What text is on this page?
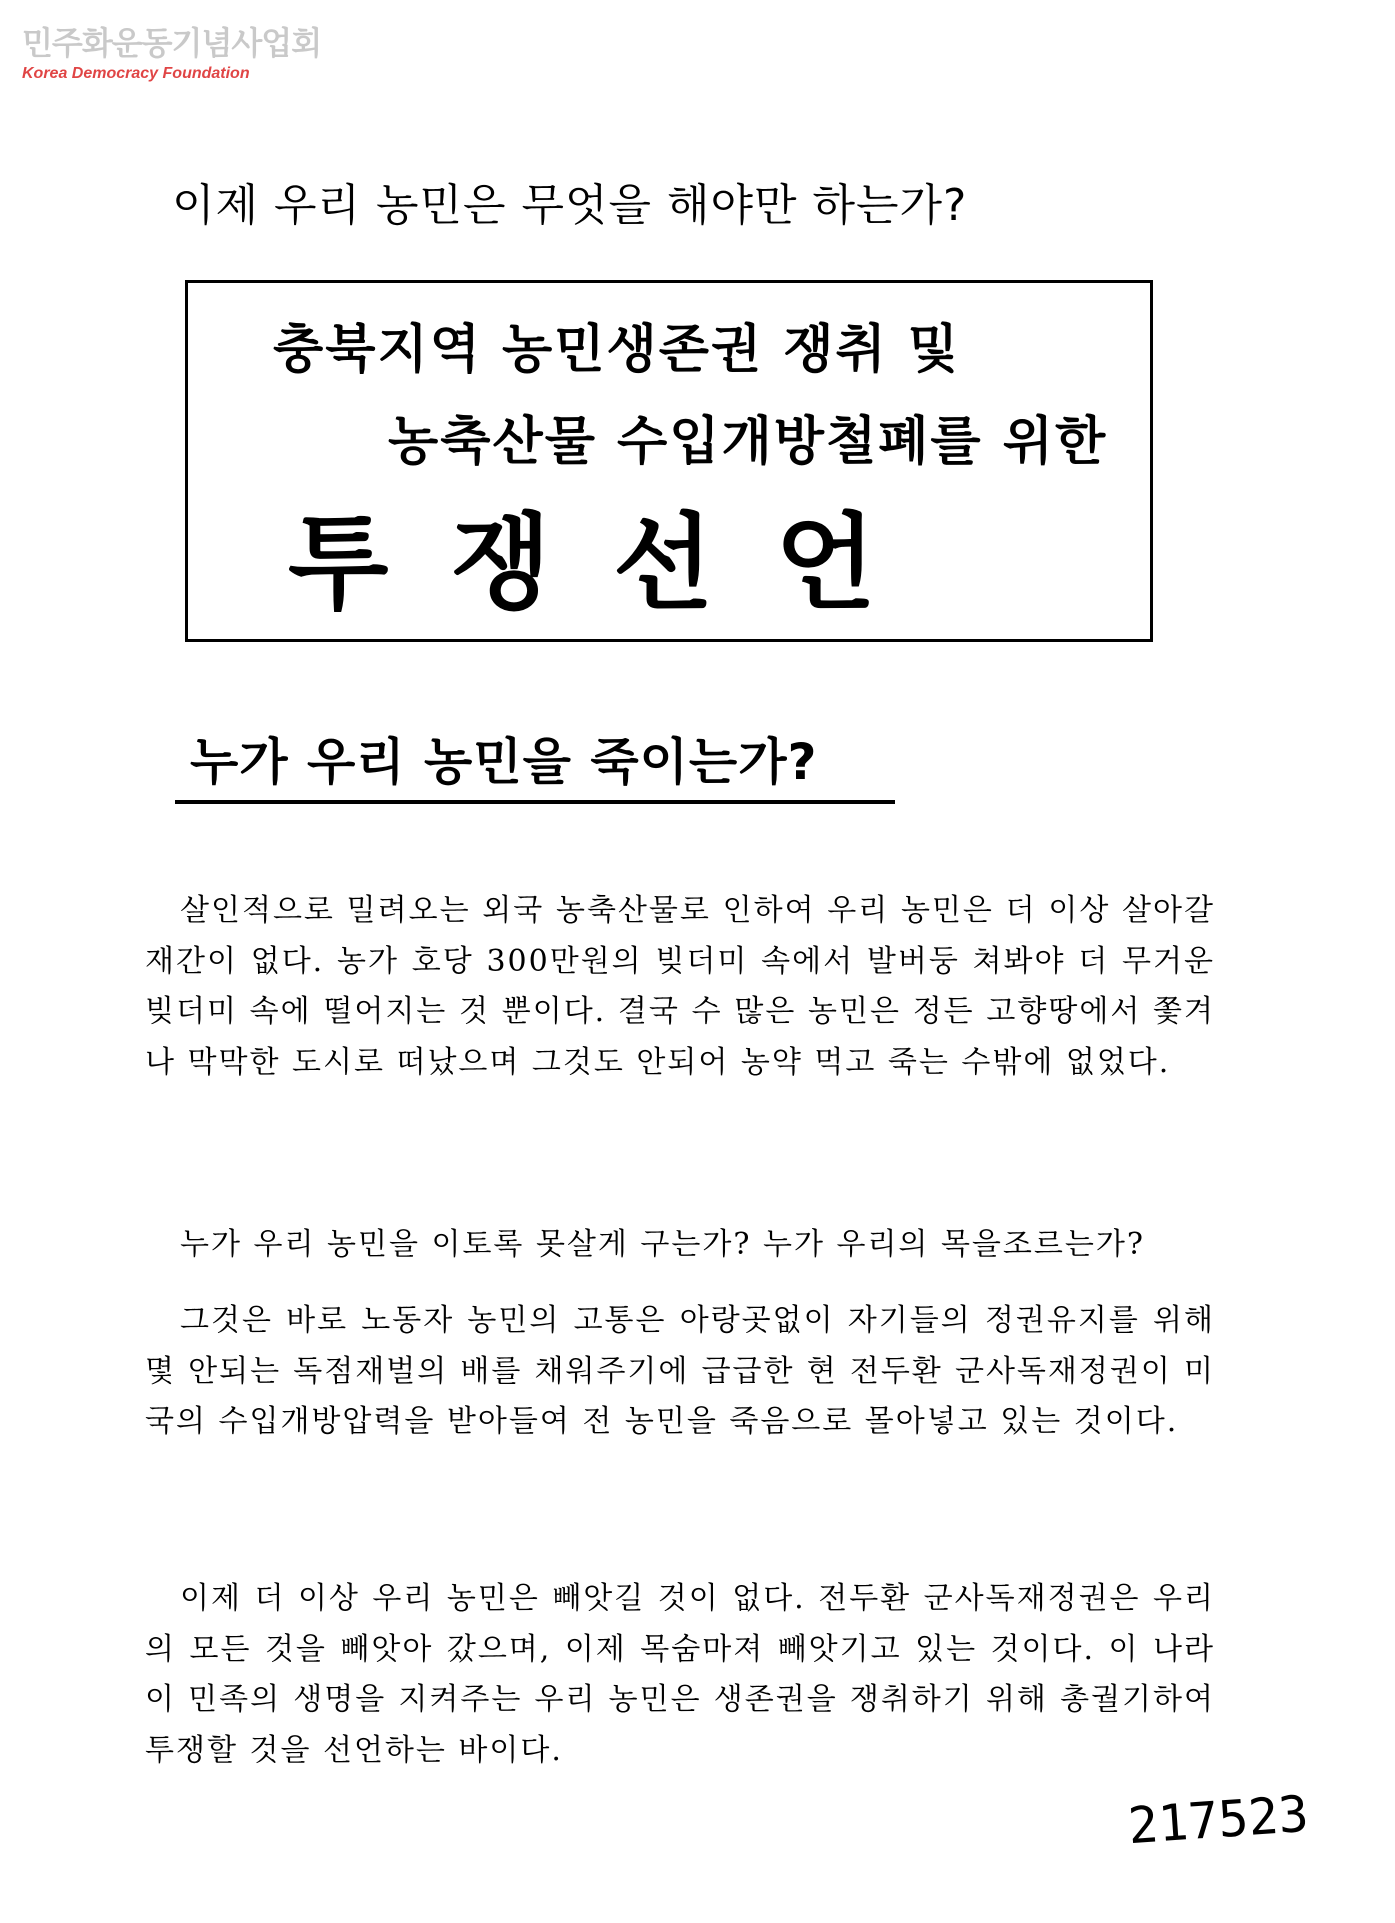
민주화운동기념사업회
Korea Democracy Foundation
이제 우리 농민은 무엇을 해야만 하는가?
충북지역 농민생존권 쟁취 및
농축산물 수입개방철폐를 위한
투쟁선언
누가 우리 농민을 죽이는가?

살인적으로 밀려오는 외국 농축산물로 인하여 우리 농민은 더 이상 살아갈 재간이 없다. 농가 호당 300만원의 빚더미 속에서 발버둥 쳐봐야 더 무거운 빚더미 속에 떨어지는 것 뿐이다. 결국 수 많은 농민은 정든 고향땅에서 쫓겨나 막막한 도시로 떠났으며 그것도 안되어 농약 먹고 죽는 수밖에 없었다.

누가 우리 농민을 이토록 못살게 구는가? 누가 우리의 목을조르는가?

그것은 바로 노동자 농민의 고통은 아랑곳없이 자기들의 정권유지를 위해 몇 안되는 독점재벌의 배를 채워주기에 급급한 현 전두환 군사독재정권이 미국의 수입개방압력을 받아들여 전 농민을 죽음으로 몰아넣고 있는 것이다.

이제 더 이상 우리 농민은 빼앗길 것이 없다. 전두환 군사독재정권은 우리의 모든 것을 빼앗아 갔으며, 이제 목숨마져 빼앗기고 있는 것이다. 이 나라 이 민족의 생명을 지켜주는 우리 농민은 생존권을 쟁취하기 위해 총궐기하여 투쟁할 것을 선언하는 바이다.

217523
